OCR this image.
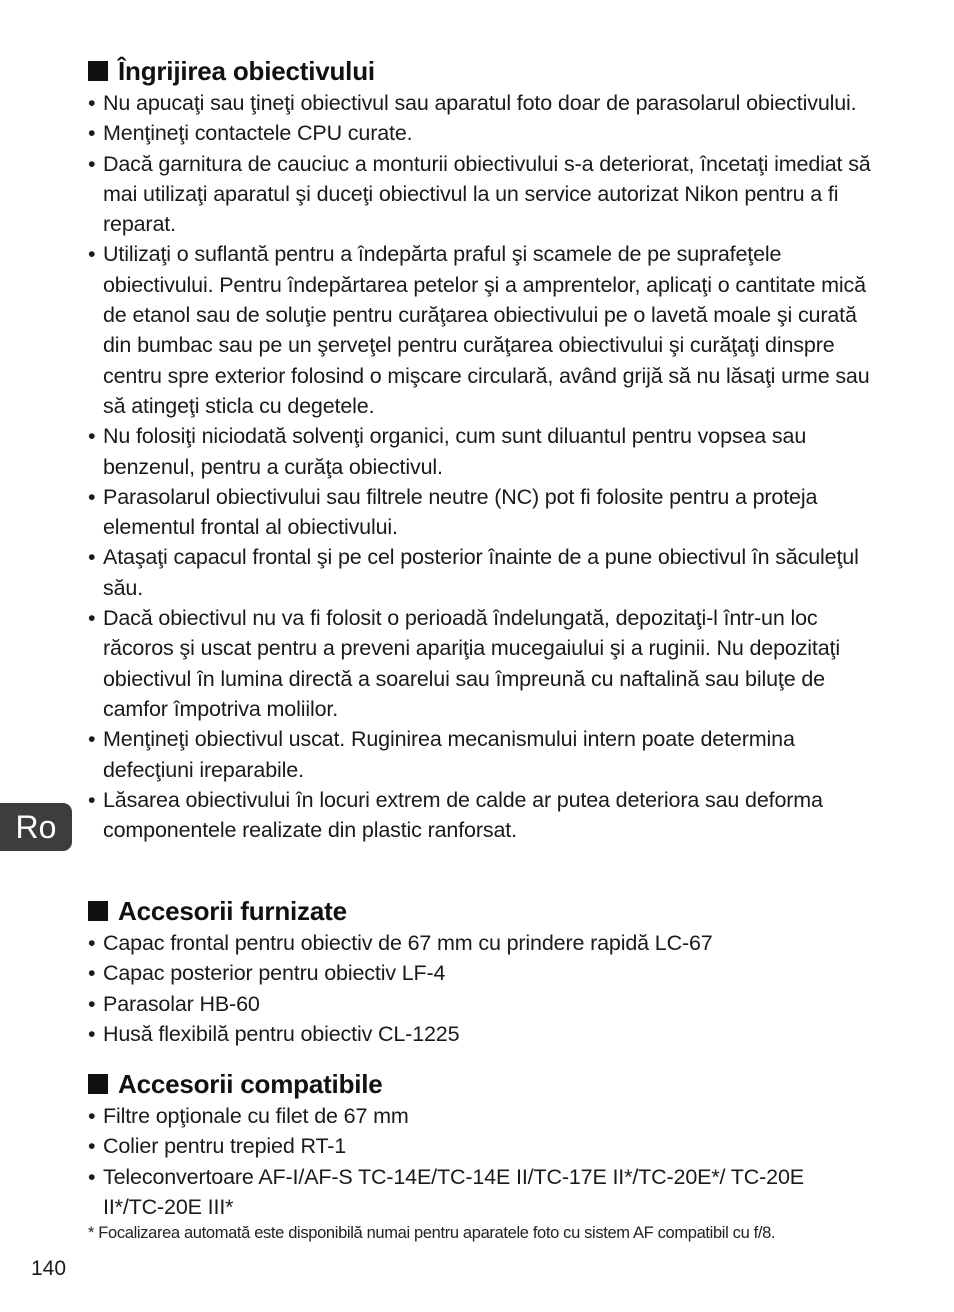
Îngrijirea obiectivului
• Nu apucaţi sau ţineţi obiectivul sau aparatul foto doar de parasolarul obiectivului.
• Menţineţi contactele CPU curate.
• Dacă garnitura de cauciuc a monturii obiectivului s-a deteriorat, încetaţi imediat să mai utilizaţi aparatul şi duceţi obiectivul la un service autorizat Nikon pentru a fi reparat.
• Utilizaţi o suflantă pentru a îndepărta praful şi scamele de pe suprafeţele obiectivului. Pentru îndepărtarea petelor şi a amprentelor, aplicaţi o cantitate mică de etanol sau de soluţie pentru curăţarea obiectivului pe o lavetă moale şi curată din bumbac sau pe un şerveţel pentru curăţarea obiectivului şi curăţaţi dinspre centru spre exterior folosind o mişcare circulară, având grijă să nu lăsaţi urme sau să atingeţi sticla cu degetele.
• Nu folosiţi niciodată solvenţi organici, cum sunt diluantul pentru vopsea sau benzenul, pentru a curăţa obiectivul.
• Parasolarul obiectivului sau filtrele neutre (NC) pot fi folosite pentru a proteja elementul frontal al obiectivului.
• Ataşaţi capacul frontal şi pe cel posterior înainte de a pune obiectivul în săculeţul său.
• Dacă obiectivul nu va fi folosit o perioadă îndelungată, depozitaţi-l într-un loc răcoros şi uscat pentru a preveni apariţia mucegaiului şi a ruginii. Nu depozitaţi obiectivul în lumina directă a soarelui sau împreună cu naftalină sau biluţe de camfor împotriva moliilor.
• Menţineţi obiectivul uscat. Ruginirea mecanismului intern poate determina defecţiuni ireparabile.
• Lăsarea obiectivului în locuri extrem de calde ar putea deteriora sau deforma componentele realizate din plastic ranforsat.
Accesorii furnizate
• Capac frontal pentru obiectiv de 67 mm cu prindere rapidă LC-67
• Capac posterior pentru obiectiv LF-4
• Parasolar HB-60
• Husă flexibilă pentru obiectiv CL-1225
Accesorii compatibile
• Filtre opţionale cu filet de 67 mm
• Colier pentru trepied RT-1
• Teleconvertoare AF-I/AF-S TC-14E/TC-14E II/TC-17E II*/TC-20E*/ TC-20E II*/TC-20E III*
* Focalizarea automată este disponibilă numai pentru aparatele foto cu sistem AF compatibil cu f/8.
Ro
140
